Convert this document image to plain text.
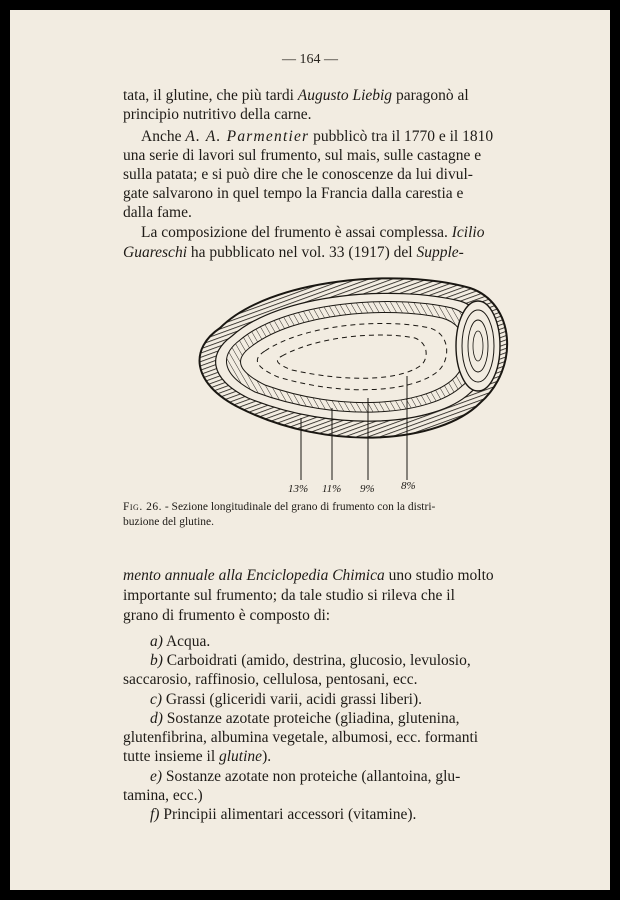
— 164 —
tata, il glutine, che più tardi Augusto Liebig paragonò al
principio nutritivo della carne.
Anche A. A. Parmentier pubblicò tra il 1770 e il 1810
una serie di lavori sul frumento, sul mais, sulle castagne e
sulla patata; e si può dire che le conoscenze da lui divul-
gate salvarono in quel tempo la Francia dalla carestia e
dalla fame.
La composizione del frumento è assai complessa. Icilio
Guareschi ha pubblicato nel vol. 33 (1917) del Supple-
13% 11% 9% 8%
Fig. 26. - Sezione longitudinale del grano di frumento con la distri-
buzione del glutine.
mento annuale alla Enciclopedia Chimica uno studio molto
importante sul frumento; da tale studio si rileva che il
grano di frumento è composto di:
a) Acqua.
b) Carboidrati (amido, destrina, glucosio, levulosio,
saccarosio, raffinosio, cellulosa, pentosani, ecc.
c) Grassi (gliceridi varii, acidi grassi liberi).
d) Sostanze azotate proteiche (gliadina, glutenina,
glutenfibrina, albumina vegetale, albumosi, ecc. formanti
tutte insieme il glutine).
e) Sostanze azotate non proteiche (allantoina, glu-
tamina, ecc.)
f) Principii alimentari accessori (vitamine).
